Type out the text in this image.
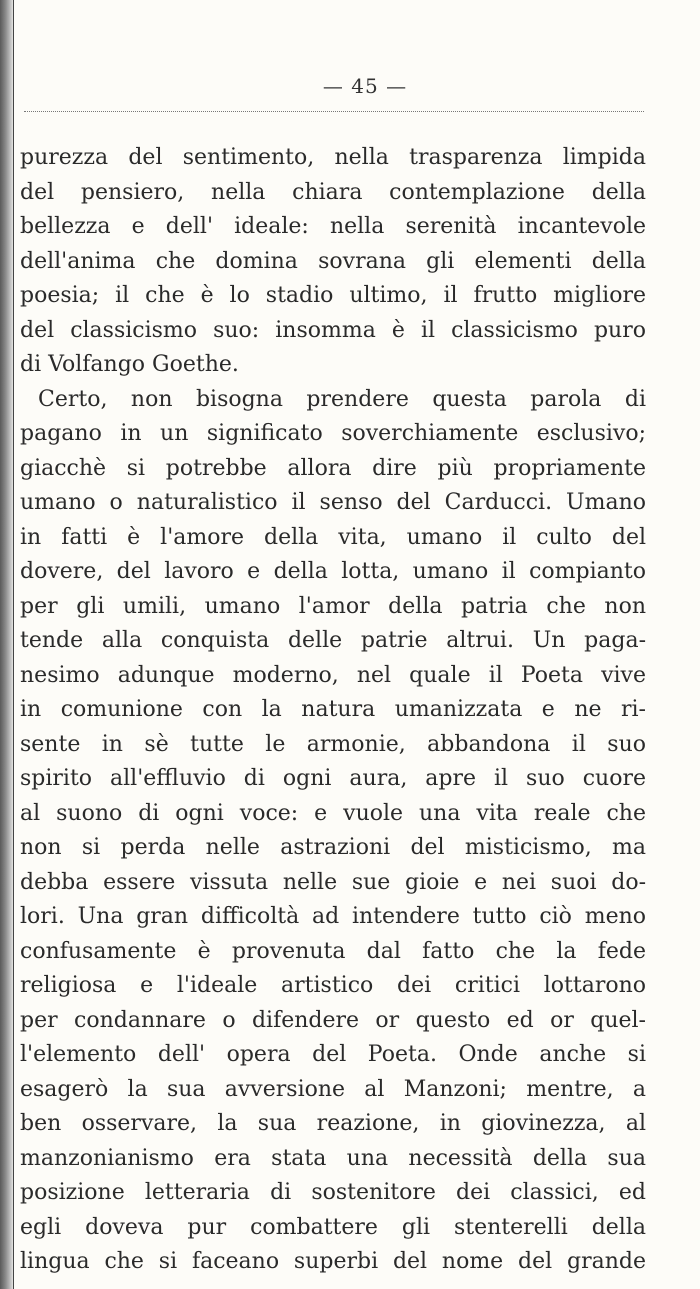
— 45 —
purezza del sentimento, nella trasparenza limpida
del pensiero, nella chiara contemplazione della
bellezza e dell' ideale: nella serenità incantevole
dell'anima che domina sovrana gli elementi della
poesia; il che è lo stadio ultimo, il frutto migliore
del classicismo suo: insomma è il classicismo puro
di Volfango Goethe.
Certo, non bisogna prendere questa parola di
pagano in un significato soverchiamente esclusivo;
giacchè si potrebbe allora dire più propriamente
umano o naturalistico il senso del Carducci. Umano
in fatti è l'amore della vita, umano il culto del
dovere, del lavoro e della lotta, umano il compianto
per gli umili, umano l'amor della patria che non
tende alla conquista delle patrie altrui. Un paga-
nesimo adunque moderno, nel quale il Poeta vive
in comunione con la natura umanizzata e ne ri-
sente in sè tutte le armonie, abbandona il suo
spirito all'effluvio di ogni aura, apre il suo cuore
al suono di ogni voce: e vuole una vita reale che
non si perda nelle astrazioni del misticismo, ma
debba essere vissuta nelle sue gioie e nei suoi do-
lori. Una gran difficoltà ad intendere tutto ciò meno
confusamente è provenuta dal fatto che la fede
religiosa e l'ideale artistico dei critici lottarono
per condannare o difendere or questo ed or quel-
l'elemento dell' opera del Poeta. Onde anche si
esagerò la sua avversione al Manzoni; mentre, a
ben osservare, la sua reazione, in giovinezza, al
manzonianismo era stata una necessità della sua
posizione letteraria di sostenitore dei classici, ed
egli doveva pur combattere gli stenterelli della
lingua che si faceano superbi del nome del grande
